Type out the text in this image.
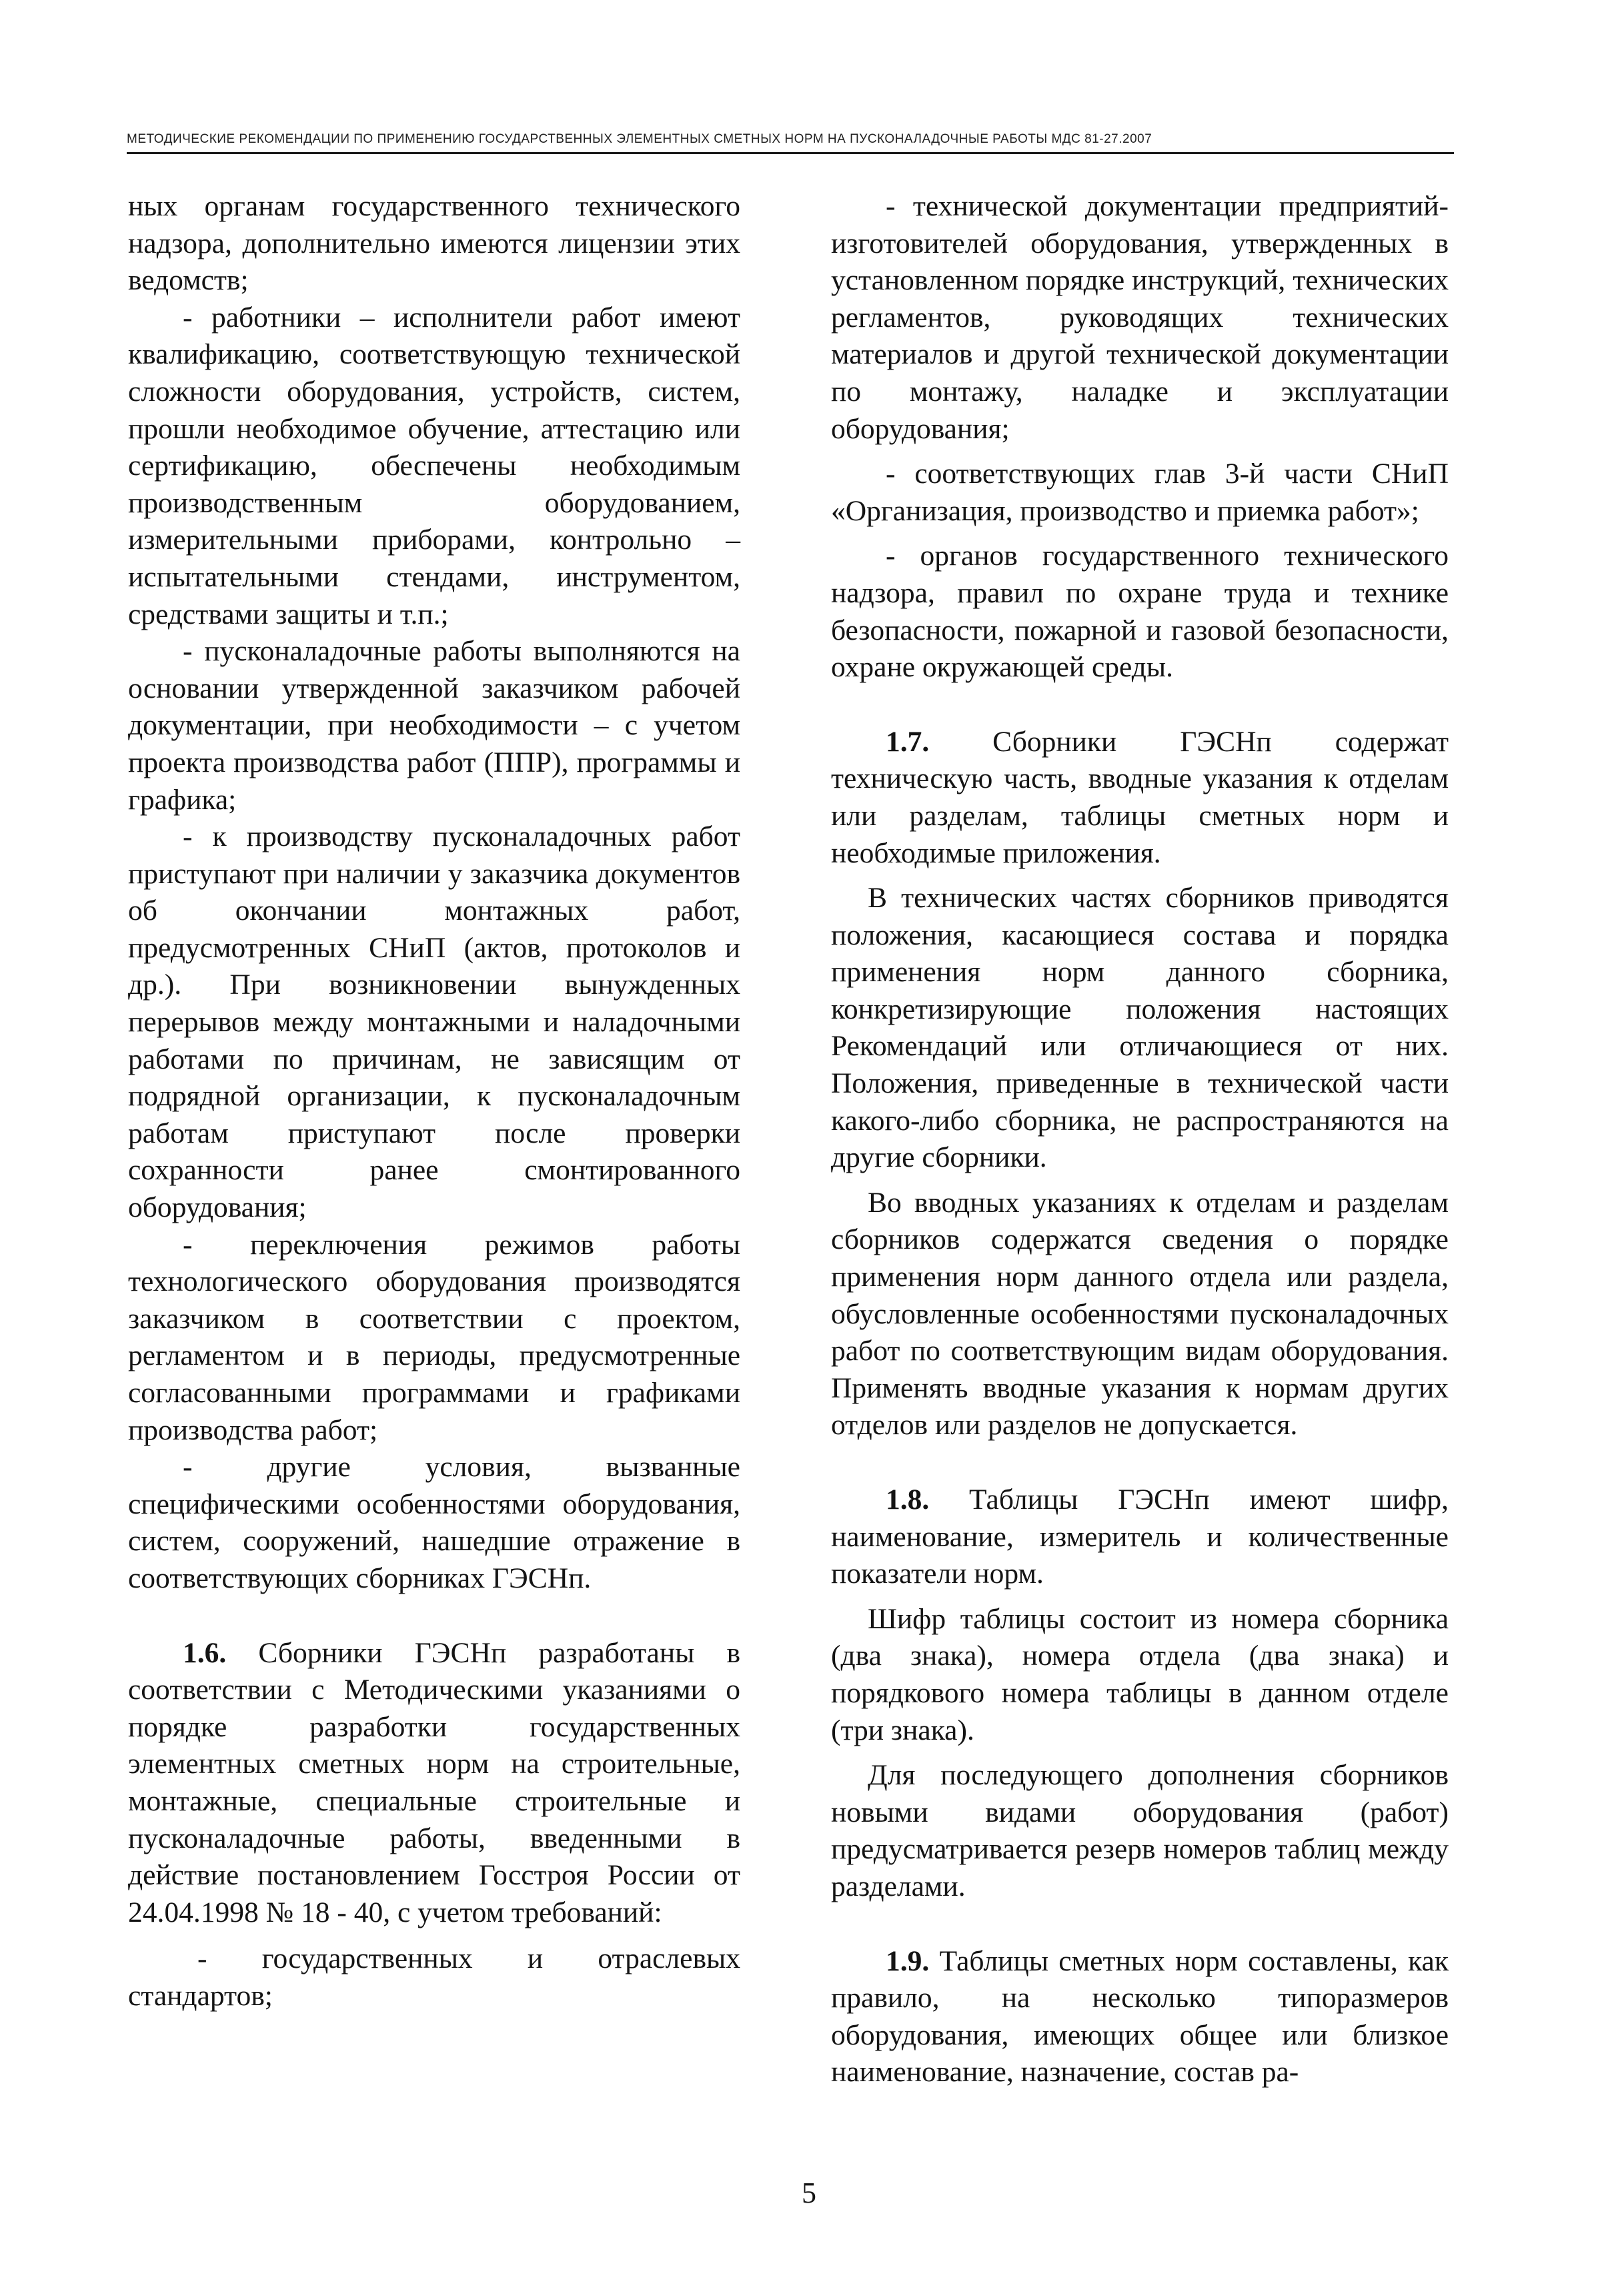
МЕТОДИЧЕСКИЕ РЕКОМЕНДАЦИИ ПО ПРИМЕНЕНИЮ ГОСУДАРСТВЕННЫХ ЭЛЕМЕНТНЫХ СМЕТНЫХ НОРМ НА ПУСКОНАЛАДОЧНЫЕ РАБОТЫ МДС 81-27.2007

ных органам государственного технического надзора, дополнительно имеются лицензии этих ведомств;

- работники – исполнители работ имеют квалификацию, соответствующую технической сложности оборудования, устройств, систем, прошли необходимое обучение, аттестацию или сертификацию, обеспечены необходимым производственным оборудованием, измерительными приборами, контрольно – испытательными стендами, инструментом, средствами защиты и т.п.;

- пусконаладочные работы выполняются на основании утвержденной заказчиком рабочей документации, при необходимости – с учетом проекта производства работ (ППР), программы и графика;

- к производству пусконаладочных работ приступают при наличии у заказчика документов об окончании монтажных работ, предусмотренных СНиП (актов, протоколов и др.). При возникновении вынужденных перерывов между монтажными и наладочными работами по причинам, не зависящим от подрядной организации, к пусконаладочным работам приступают после проверки сохранности ранее смонтированного оборудования;

- переключения режимов работы технологического оборудования производятся заказчиком в соответствии с проектом, регламентом и в периоды, предусмотренные согласованными программами и графиками производства работ;

- другие условия, вызванные специфическими особенностями оборудования, систем, сооружений, нашедшие отражение в соответствующих сборниках ГЭСНп.

1.6. Сборники ГЭСНп разработаны в соответствии с Методическими указаниями о порядке разработки государственных элементных сметных норм на строительные, монтажные, специальные строительные и пусконаладочные работы, введенными в действие постановлением Госстроя России от 24.04.1998 № 18 - 40, с учетом требований:

- государственных и отраслевых стандартов;

- технической документации предприятий-изготовителей оборудования, утвержденных в установленном порядке инструкций, технических регламентов, руководящих технических материалов и другой технической документации по монтажу, наладке и эксплуатации оборудования;

- соответствующих глав 3-й части СНиП «Организация, производство и приемка работ»;

- органов государственного технического надзора, правил по охране труда и технике безопасности, пожарной и газовой безопасности, охране окружающей среды.

1.7. Сборники ГЭСНп содержат техническую часть, вводные указания к отделам или разделам, таблицы сметных норм и необходимые приложения.

В технических частях сборников приводятся положения, касающиеся состава и порядка применения норм данного сборника, конкретизирующие положения настоящих Рекомендаций или отличающиеся от них. Положения, приведенные в технической части какого-либо сборника, не распространяются на другие сборники.

Во вводных указаниях к отделам и разделам сборников содержатся сведения о порядке применения норм данного отдела или раздела, обусловленные особенностями пусконаладочных работ по соответствующим видам оборудования. Применять вводные указания к нормам других отделов или разделов не допускается.

1.8. Таблицы ГЭСНп имеют шифр, наименование, измеритель и количественные показатели норм.

Шифр таблицы состоит из номера сборника (два знака), номера отдела (два знака) и порядкового номера таблицы в данном отделе (три знака).

Для последующего дополнения сборников новыми видами оборудования (работ) предусматривается резерв номеров таблиц между разделами.

1.9. Таблицы сметных норм составлены, как правило, на несколько типоразмеров оборудования, имеющих общее или близкое наименование, назначение, состав ра-

5
